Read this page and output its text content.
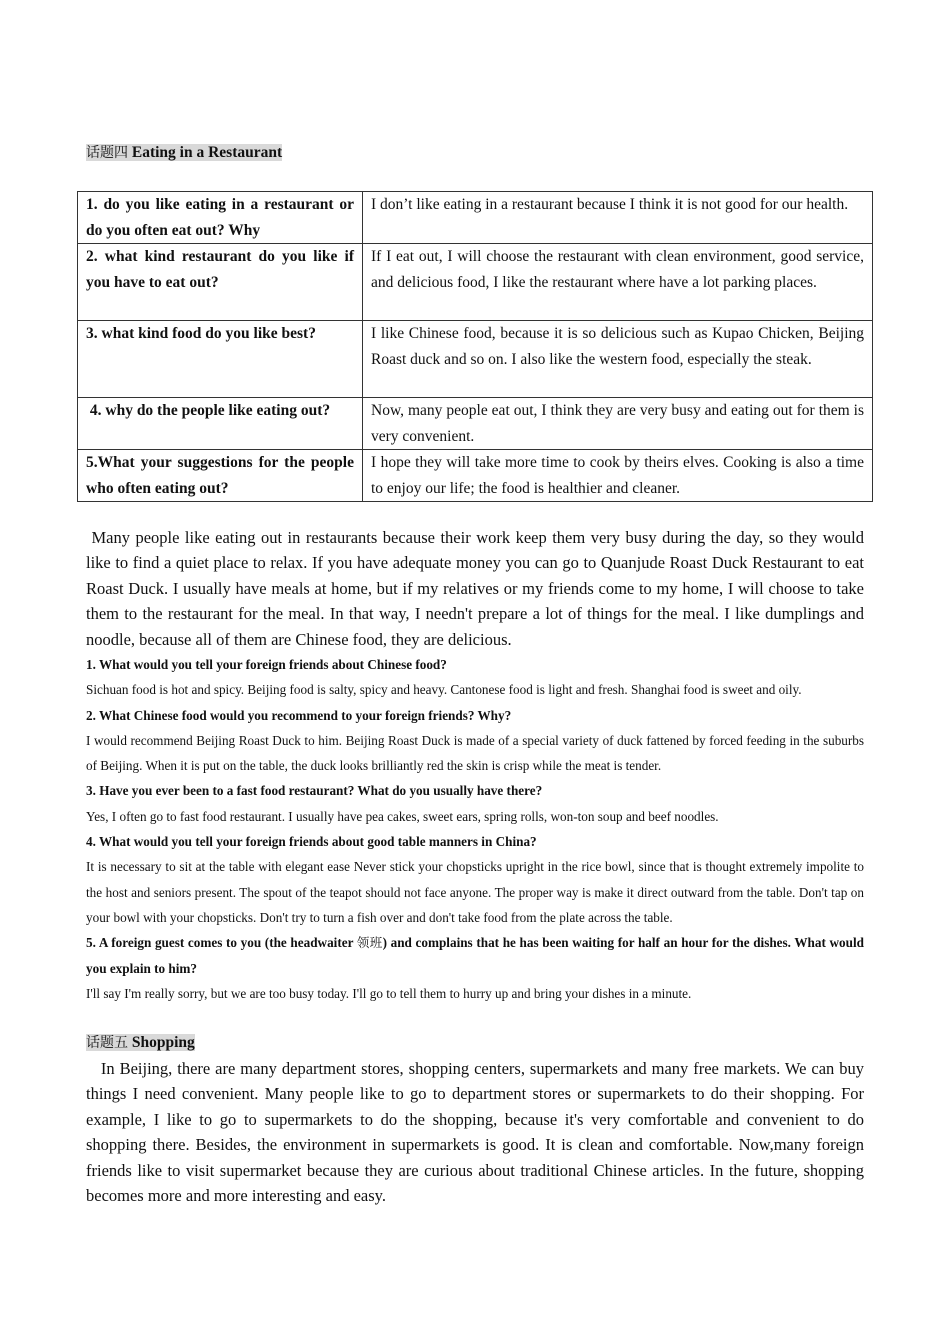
话题四 Eating in a Restaurant
1. do you like eating in a restaurant or do you often eat out? Why	I don’t like eating in a restaurant because I think it is not good for our health.
2. what kind restaurant do you like if you have to eat out?	If I eat out, I will choose the restaurant with clean environment, good service, and delicious food, I like the restaurant where have a lot parking places.
3. what kind food do you like best?	I like Chinese food, because it is so delicious such as Kupao Chicken, Beijing Roast duck and so on. I also like the western food, especially the steak.
4. why do the people like eating out?	Now, many people eat out, I think they are very busy and eating out for them is very convenient.
5.What your suggestions for the people who often eating out?	I hope they will take more time to cook by theirs elves. Cooking is also a time to enjoy our life; the food is healthier and cleaner.
Many people like eating out in restaurants because their work keep them very busy during the day, so they would like to find a quiet place to relax. If you have adequate money you can go to Quanjude Roast Duck Restaurant to eat Roast Duck. I usually have meals at home, but if my relatives or my friends come to my home, I will choose to take them to the restaurant for the meal. In that way, I needn't prepare a lot of things for the meal. I like dumplings and noodle, because all of them are Chinese food, they are delicious.
1. What would you tell your foreign friends about Chinese food?
Sichuan food is hot and spicy. Beijing food is salty, spicy and heavy. Cantonese food is light and fresh. Shanghai food is sweet and oily.
2. What Chinese food would you recommend to your foreign friends? Why?
I would recommend Beijing Roast Duck to him. Beijing Roast Duck is made of a special variety of duck fattened by forced feeding in the suburbs of Beijing. When it is put on the table, the duck looks brilliantly red the skin is crisp while the meat is tender.
3. Have you ever been to a fast food restaurant? What do you usually have there?
Yes, I often go to fast food restaurant. I usually have pea cakes, sweet ears, spring rolls, won-ton soup and beef noodles.
4. What would you tell your foreign friends about good table manners in China?
It is necessary to sit at the table with elegant ease Never stick your chopsticks upright in the rice bowl, since that is thought extremely impolite to the host and seniors present. The spout of the teapot should not face anyone. The proper way is make it direct outward from the table. Don't tap on your bowl with your chopsticks. Don't try to turn a fish over and don't take food from the plate across the table.
5. A foreign guest comes to you (the headwaiter 领班) and complains that he has been waiting for half an hour for the dishes. What would you explain to him?
I'll say I'm really sorry, but we are too busy today. I'll go to tell them to hurry up and bring your dishes in a minute.
话题五 Shopping
In Beijing, there are many department stores, shopping centers, supermarkets and many free markets. We can buy things I need convenient. Many people like to go to department stores or supermarkets to do their shopping. For example, I like to go to supermarkets to do the shopping, because it's very comfortable and convenient to do shopping there. Besides, the environment in supermarkets is good. It is clean and comfortable. Now,many foreign friends like to visit supermarket because they are curious about traditional Chinese articles. In the future, shopping becomes more and more interesting and easy.
